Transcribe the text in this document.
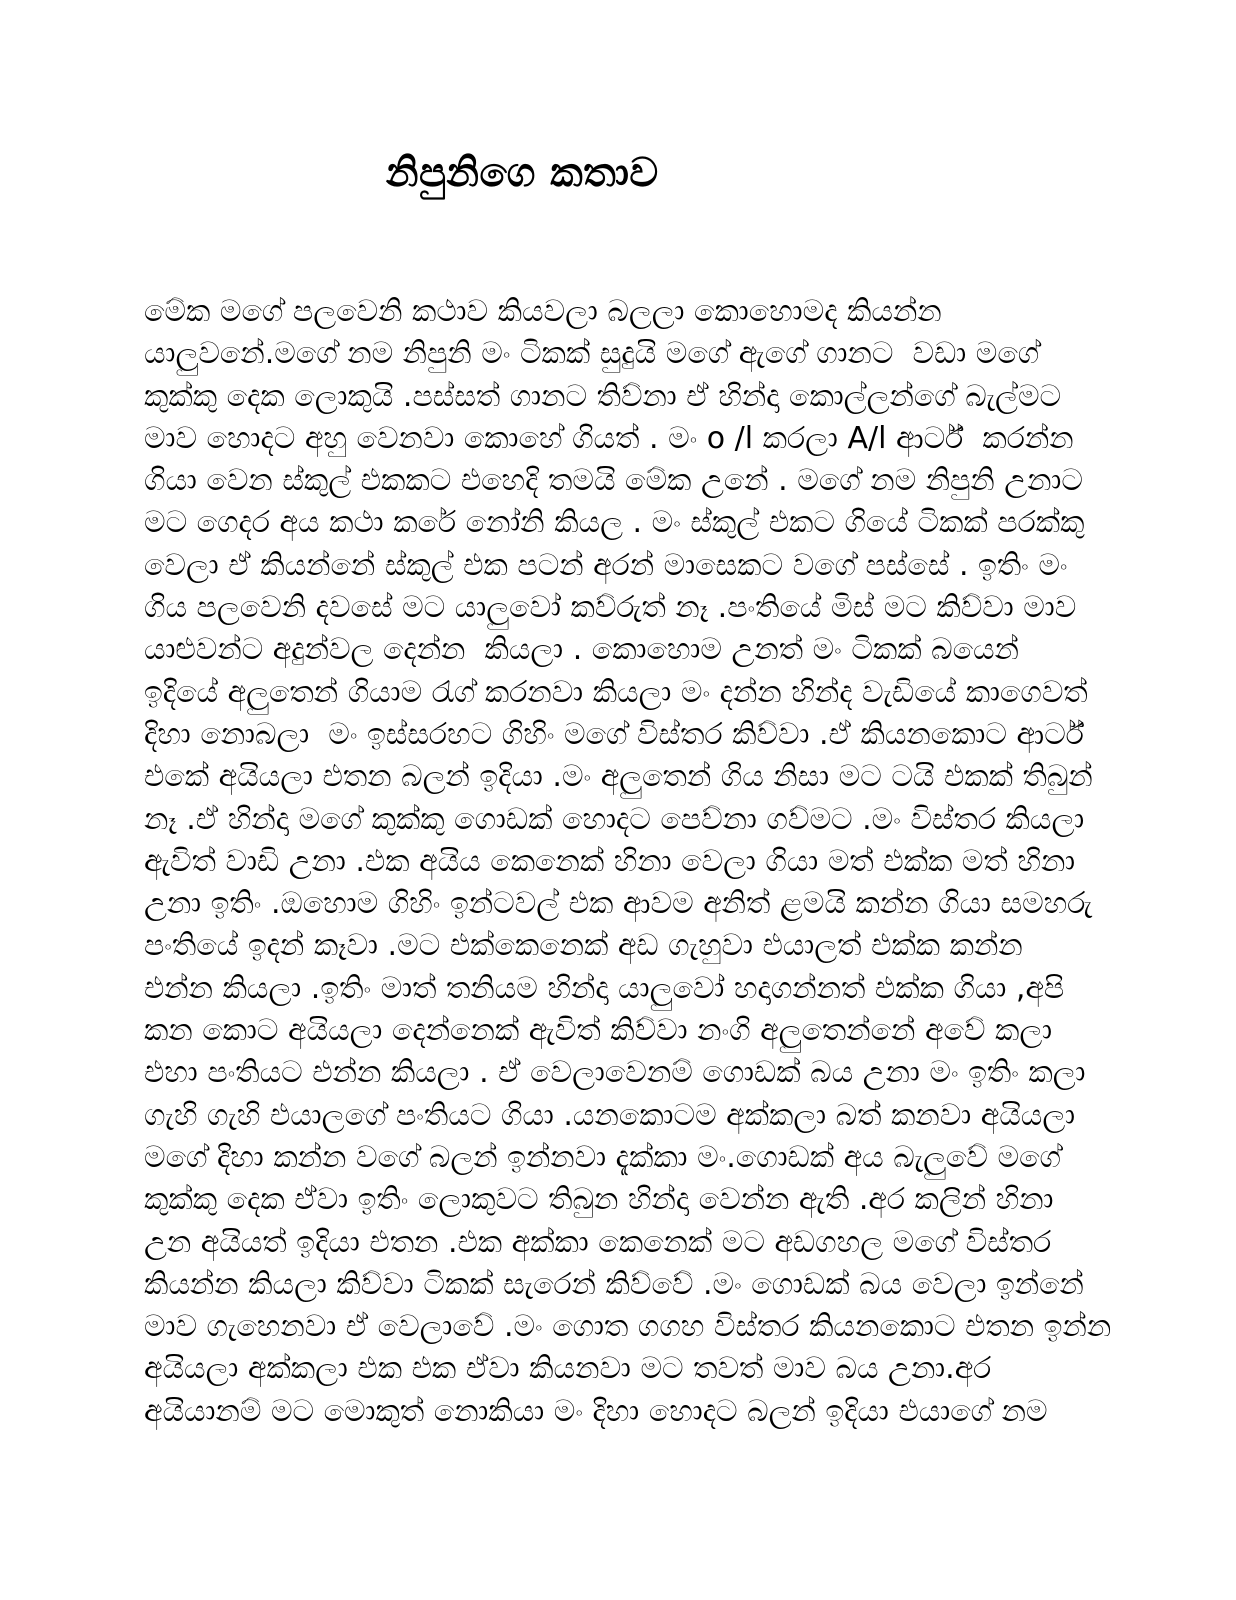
නිපුනිගෙ කතාව
මේක මගේ පලවෙනි කථාව කියවලා බලලා කොහොමද කියන්න
යාලුවනේ.මගේ නම නිපුනි මං ටිකක් සුදුයි මගේ ඇගේ ගානට  වඩා මගේ
කුක්කු දෙක ලොකුයි .පස්සත් ගානට තිව්නා ඒ හින්දා කොල්ලන්ගේ බැල්මට
මාව හොදට අහු වෙනවා කොහේ ගියත් . මං o /l කරලා A/l ආර්ට්  කරන්න
ගියා වෙන ස්කුල් එකකට එහෙදි තමයි මේක උනේ . මගේ නම නිපුනි උනාට
මට ගෙදර අය කථා කරේ නෝනි කියල . මං ස්කුල් එකට ගියේ ටිකක් පරක්කු
වෙලා ඒ කියන්නේ ස්කුල් එක පටන් අරන් මාසෙකට වගේ පස්සේ . ඉතිං මං
ගිය පලවෙනි දවසේ මට යාලුවෝ කව්රුත් නෑ .පංතියේ මිස් මට කිව්වා මාව
යාළුවන්ට අදුන්වල දෙන්න  කියලා . කොහොම උනත් මං ටිකක් බයෙන්
ඉදියේ අලුතෙන් ගියාම රැග් කරනවා කියලා මං දන්න හින්ද වැඩියේ කාගෙවත්
දිහා නොබලා  මං ඉස්සරහට ගිහිං මගේ විස්තර කිව්වා .ඒ කියනකොට ආර්ට්
එකේ අයියලා එතන බලන් ඉදියා .මං අලුතෙන් ගිය නිසා මට ටයි එකක් තිබුන්
නෑ .ඒ හින්දා මගේ කුක්කු ගොඩක් හොදට පෙව්නා ගව්මට .මං විස්තර කියලා
ඇවිත් වාඩි උනා .එක අයිය කෙනෙක් හිනා වෙලා ගියා මත් එක්ක මත් හිනා
උනා ඉතිං .ඔහොම ගිහිං ඉන්ටවල් එක ආවම අනිත් ළමයි කන්න ගියා සමහරු
පංතියේ ඉදන් කෑවා .මට එක්කෙනෙක් අඩ ගැහුවා එයාලත් එක්ක කන්න
එන්න කියලා .ඉතිං මාත් තනියම හින්දා යාලුවෝ හදාගන්නත් එක්ක ගියා ,අපි
කන කොට අයියලා දෙන්නෙක් ඇවිත් කිව්වා නංගි අලුතෙන්නේ අවේ කලා
එහා පංතියට එන්න කියලා . ඒ වෙලාවෙනම් ගොඩක් බය උනා මං ඉතිං කලා
ගැහි ගැහි එයාලගේ පංතියට ගියා .යනකොටම අක්කලා බත් කනවා අයියලා
මගේ දිහා කන්න වගේ බලන් ඉන්නවා දැක්කා මං.ගොඩක් අය බැලුවේ මගේ
කුක්කු දෙක ඒවා ඉතිං ලොකුවට තිබුන හින්දා වෙන්න ඇති .අර කලින් හිනා
උන අයියත් ඉදියා එතන .එක අක්කා කෙනෙක් මට අඩගහල මගේ විස්තර
කියන්න කියලා කිව්වා ටිකක් සැරෙන් කිව්වේ .මං ගොඩක් බය වෙලා ඉන්නේ
මාව ගැහෙනවා ඒ වෙලාවේ .මං ගොත ගගහ විස්තර කියනකොට එතන ඉන්න
අයියලා අක්කලා එක එක ඒවා කියනවා මට තවත් මාව බය උනා.අර
අයියානම් මට මොකුත් නොකියා මං දිහා හොදට බලන් ඉදියා එයාගේ නම
